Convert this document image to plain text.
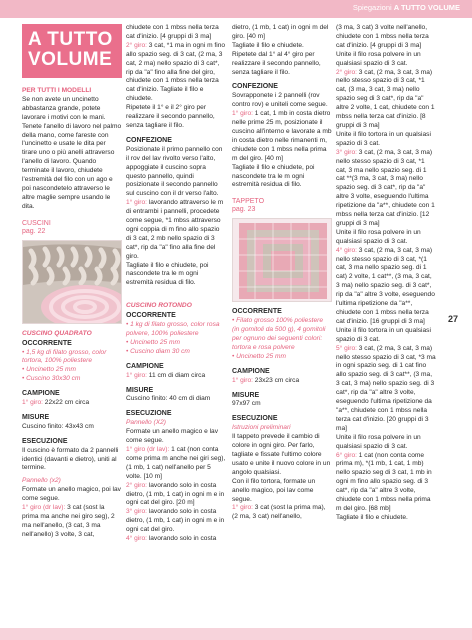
Spiegazioni A TUTTO VOLUME
A TUTTO
VOLUME
PER TUTTI I MODELLI

Se non avete un uncinetto abbastanza grande, potete lavorare i motivi con le mani. Tenete l'anello di lavoro nel palmo della mano, come fareste con l'uncinetto e usate le dita per tirare uno o più anelli attraverso l'anello di lavoro. Quando terminate il lavoro, chiudete l'estremità del filo con un ago e poi nascondetelo attraverso le altre maglie sempre usando le dita.

CUSCINI
pag. 22
CUSCINO QUADRATO
OCCORRENTE
• 1,5 kg di filato grosso, color tortora, 100% poliestere
• Uncinetto 25 mm
• Cuscino 30x30 cm
CAMPIONE

1° giro: 22x22 cm circa

MISURE

Cuscino finito: 43x43 cm

ESECUZIONE

Il cuscino è formato da 2 pannelli identici (davanti e dietro), uniti al termine.

Pannello (x2)

Formate un anello magico, poi lav come segue.

1° giro (dr lav): 3 cat (sost la prima ma anche nei giro seg), 2 ma nell'anello, (3 cat, 3 ma nell'anello) 3 volte, 3 cat,

chiudete con 1 mbss nella terza cat d'inizio. [4 gruppi di 3 ma]

2° giro: 3 cat, *1 ma in ogni m fino allo spazio seg. di 3 cat, (2 ma, 3 cat, 2 ma) nello spazio di 3 cat*, rip da "a" fino alla fine del giro, chiudete con 1 mbss nella terza cat d'inizio. Tagliate il filo e chiudete.

Ripetete il 1° e il 2° giro per realizzare il secondo pannello, senza tagliare il filo.

CONFEZIONE

Posizionate il primo pannello con il rov del lav rivolto verso l'alto, appoggiate il cuscino sopra questo pannello, quindi posizionate il secondo pannello sul cuscino con il dr verso l'alto.

1° giro: lavorando attraverso le m di entrambi i pannelli, procedete come segue, *1 mbss attraverso ogni coppia di m fino allo spazio di 3 cat, 2 mb nello spazio di 3 cat*, rip da "a" fino alla fine del giro.

Tagliate il filo e chiudete, poi nascondete tra le m ogni estremità residua di filo.

CUSCINO ROTONDO
OCCORRENTE
• 1 kg di filato grosso, color rosa polvere, 100% poliestere
• Uncinetto 25 mm
• Cuscino diam 30 cm
CAMPIONE

1° giro: 11 cm di diam circa

MISURE

Cuscino finito: 40 cm di diam

ESECUZIONE
Pannello (X2)

Formate un anello magico e lav come segue.

1° giro (dr lav): 1 cat (non conta come prima m anche nei giri seg), (1 mb, 1 cat) nell'anello per 5 volte. [10 m]

2° giro: lavorando solo in costa dietro, (1 mb, 1 cat) in ogni m e in ogni cat del giro. [20 m]

3° giro: lavorando solo in costa dietro, (1 mb, 1 cat) in ogni m e in ogni cat del giro.

4° giro: lavorando solo in costa

dietro, (1 mb, 1 cat) in ogni m del giro. [40 m]

Tagliate il filo e chiudete.

Ripetete dal 1° al 4° giro per realizzare il secondo pannello, senza tagliare il filo.

CONFEZIONE

Sovrapponete i 2 pannelli (rov contro rov) e uniteli come segue.

1° giro: 1 cat, 1 mb in costa dietro nelle prime 25 m, posizionate il cuscino all'interno e lavorate a mb in costa dietro nelle rimanenti m, chiudete con 1 mbss nella prima m del giro. [40 m]

Tagliate il filo e chiudete, poi nascondete tra le m ogni estremità residua di filo.

TAPPETO
pag. 23
OCCORRENTE
• Filato grosso 100% poliestere (in gomitoli da 500 g), 4 gomitoli per ognuno dei seguenti colori: tortora e rosa polvere
• Uncinetto 25 mm
CAMPIONE

1° giro: 23x23 cm circa

MISURE

97x97 cm

ESECUZIONE
Istruzioni preliminari

Il tappeto prevede il cambio di colore in ogni giro. Per farlo, tagliate e fissate l'ultimo colore usato e unite il nuovo colore in un angolo qualsiasi.

Con il filo tortora, formate un anello magico, poi lav come segue.

1° giro: 3 cat (sost la prima ma), (2 ma, 3 cat) nell'anello,

(3 ma, 3 cat) 3 volte nell'anello, chiudete con 1 mbss nella terza cat d'inizio. [4 gruppi di 3 ma]
Unite il filo rosa polvere in un qualsiasi spazio di 3 cat.

2° giro: 3 cat, (2 ma, 3 cat, 3 ma) nello stesso spazio di 3 cat, *1 cat, (3 ma, 3 cat, 3 ma) nello spazio seg di 3 cat*, rip da "a" altre 2 volte, 1 cat, chiudete con 1 mbss nella terza cat d'inizio. [8 gruppi di 3 ma]
Unite il filo tortora in un qualsiasi spazio di 3 cat.

3° giro: 3 cat, (2 ma, 3 cat, 3 ma) nello stesso spazio di 3 cat, *1 cat, 3 ma nello spazio seg. di 1 cat **(3 ma, 3 cat, 3 ma) nello spazio seg. di 3 cat*, rip da "a" altre 3 volte, eseguendo l'ultima ripetizione da "a**, chiudete con 1 mbss nella terza cat d'inizio. [12 gruppi di 3 ma]
Unite il filo rosa polvere in un qualsiasi spazio di 3 cat.

4° giro: 3 cat, (2 ma, 3 cat, 3 ma) nello stesso spazio di 3 cat, *(1 cat, 3 ma nello spazio seg. di 1 cat) 2 volte, 1 cat**, (3 ma, 3 cat, 3 ma) nello spazio seg. di 3 cat*, rip da "a" altre 3 volte, eseguendo l'ultima ripetizione da "a**, chiudete con 1 mbss nella terza cat d'inizio. [16 gruppi di 3 ma]
Unite il filo tortora in un qualsiasi spazio di 3 cat.

5° giro: 3 cat, (2 ma, 3 cat, 3 ma) nello stesso spazio di 3 cat, *3 ma in ogni spazio seg. di 1 cat fino allo spazio seg. di 3 cat**, (3 ma, 3 cat, 3 ma) nello spazio seg. di 3 cat*, rip da "a" altre 3 volte, eseguendo l'ultima ripetizione da "a**, chiudete con 1 mbss nella terza cat d'inizio. [20 gruppi di 3 ma]
Unite il filo rosa polvere in un qualsiasi spazio di 3 cat.

6° giro: 1 cat (non conta come prima m), *(1 mb, 1 cat, 1 mb) nello spazio seg di 3 cat, 1 mb in ogni m fino allo spazio seg. di 3 cat*, rip da "a" altre 3 volte, chiudete con 1 mbss nella prima m del giro. [68 mb]
Tagliate il filo e chiudete.

27
